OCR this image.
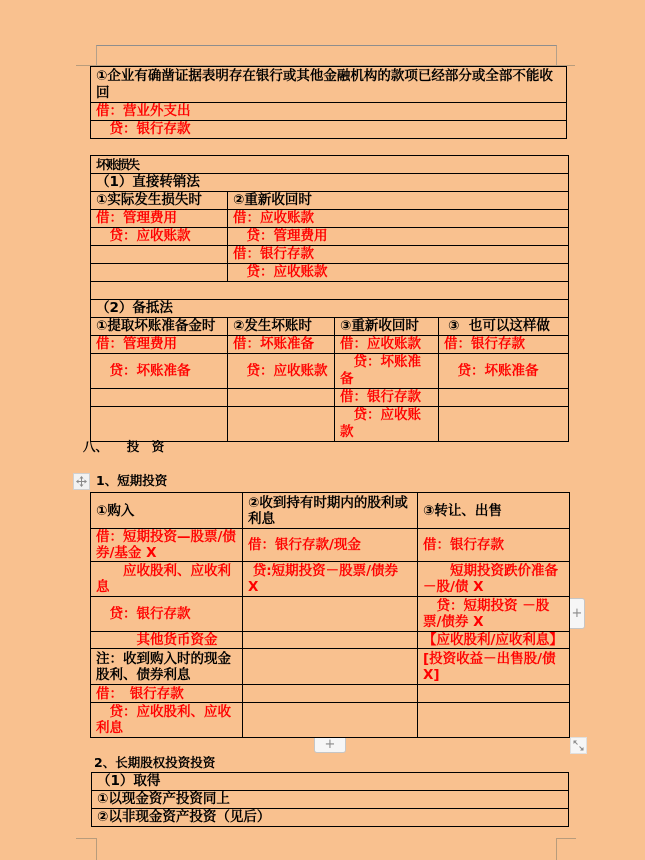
①企业有确凿证据表明存在银行或其他金融机构的款项已经部分或全部不能收回
借：营业外支出
　贷：银行存款
坏账损失			
（1）直接转销法			
①实际发生损失时	②重新收回时		
借：管理费用	借：应收账款		
　贷：应收账款	　贷：管理费用		
	借：银行存款		
	　贷：应收账款		

（2）备抵法			
①提取坏账准备金时	②发生坏账时	③重新收回时	③  也可以这样做
借：管理费用	借：坏账准备	借：应收账款	借：银行存款
　贷：坏账准备	　贷：应收账款	　贷：坏账准备	　贷：坏账准备
		借：银行存款	
		　贷：应收账款	
八、　　投　资
1、短期投资
①购入	②收到持有时期内的股利或利息	③转让、出售
借：短期投资—股票/债券/基金 X	借：银行存款/现金	借：银行存款
　　应收股利、应收利息	贷:短期投资－股票/债券 X	　　短期投资跌价准备－股/债 X
　贷：银行存款		　贷：短期投资 －股票/债券 X
　　　其他货币资金		【应收股利/应收利息】
注：收到购入时的现金股利、债券利息		[投资收益－出售股/债X]
借：　银行存款		
　贷：应收股利、应收利息		
+
+
2、长期股权投资投资
（1）取得
①以现金资产投资同上
②以非现金资产投资（见后）
